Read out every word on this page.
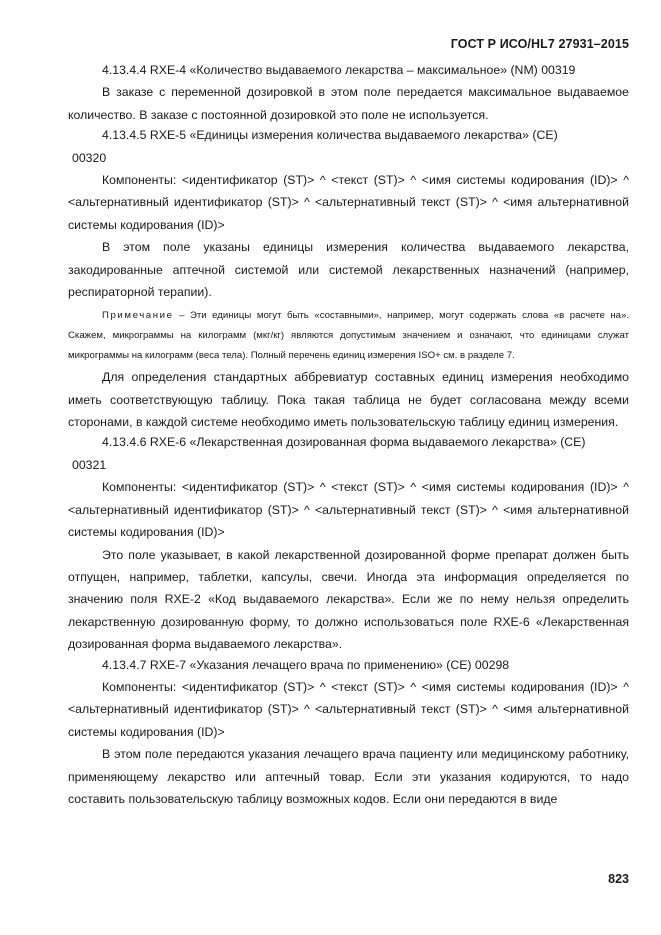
ГОСТ Р ИСО/HL7 27931–2015

4.13.4.4 RXE-4 «Количество выдаваемого лекарства – максимальное» (NM) 00319

В заказе с переменной дозировкой в этом поле передается максимальное выдаваемое количество. В заказе с постоянной дозировкой это поле не используется.

4.13.4.5 RXE-5 «Единицы измерения количества выдаваемого лекарства» (CE)
00320

Компоненты: <идентификатор (ST)> ^ <текст (ST)> ^ <имя системы кодирования (ID)> ^ <альтернативный идентификатор (ST)> ^ <альтернативный текст (ST)> ^ <имя альтернативной системы кодирования (ID)>

В этом поле указаны единицы измерения количества выдаваемого лекарства, закодированные аптечной системой или системой лекарственных назначений (например, респираторной терапии).

Примечание – Эти единицы могут быть «составными», например, могут содержать слова «в расчете на». Скажем, микрограммы на килограмм (мкг/кг) являются допустимым значением и означают, что единицами служат микрограммы на килограмм (веса тела). Полный перечень единиц измерения ISO+ см. в разделе 7.

Для определения стандартных аббревиатур составных единиц измерения необходимо иметь соответствующую таблицу. Пока такая таблица не будет согласована между всеми сторонами, в каждой системе необходимо иметь пользовательскую таблицу единиц измерения.

4.13.4.6 RXE-6 «Лекарственная дозированная форма выдаваемого лекарства» (CE)
00321

Компоненты: <идентификатор (ST)> ^ <текст (ST)> ^ <имя системы кодирования (ID)> ^ <альтернативный идентификатор (ST)> ^ <альтернативный текст (ST)> ^ <имя альтернативной системы кодирования (ID)>

Это поле указывает, в какой лекарственной дозированной форме препарат должен быть отпущен, например, таблетки, капсулы, свечи. Иногда эта информация определяется по значению поля RXE-2 «Код выдаваемого лекарства». Если же по нему нельзя определить лекарственную дозированную форму, то должно использоваться поле RXE-6 «Лекарственная дозированная форма выдаваемого лекарства».

4.13.4.7 RXE-7 «Указания лечащего врача по применению» (CE) 00298

Компоненты: <идентификатор (ST)> ^ <текст (ST)> ^ <имя системы кодирования (ID)> ^ <альтернативный идентификатор (ST)> ^ <альтернативный текст (ST)> ^ <имя альтернативной системы кодирования (ID)>

В этом поле передаются указания лечащего врача пациенту или медицинскому работнику, применяющему лекарство или аптечный товар. Если эти указания кодируются, то надо составить пользовательскую таблицу возможных кодов. Если они передаются в виде

823
